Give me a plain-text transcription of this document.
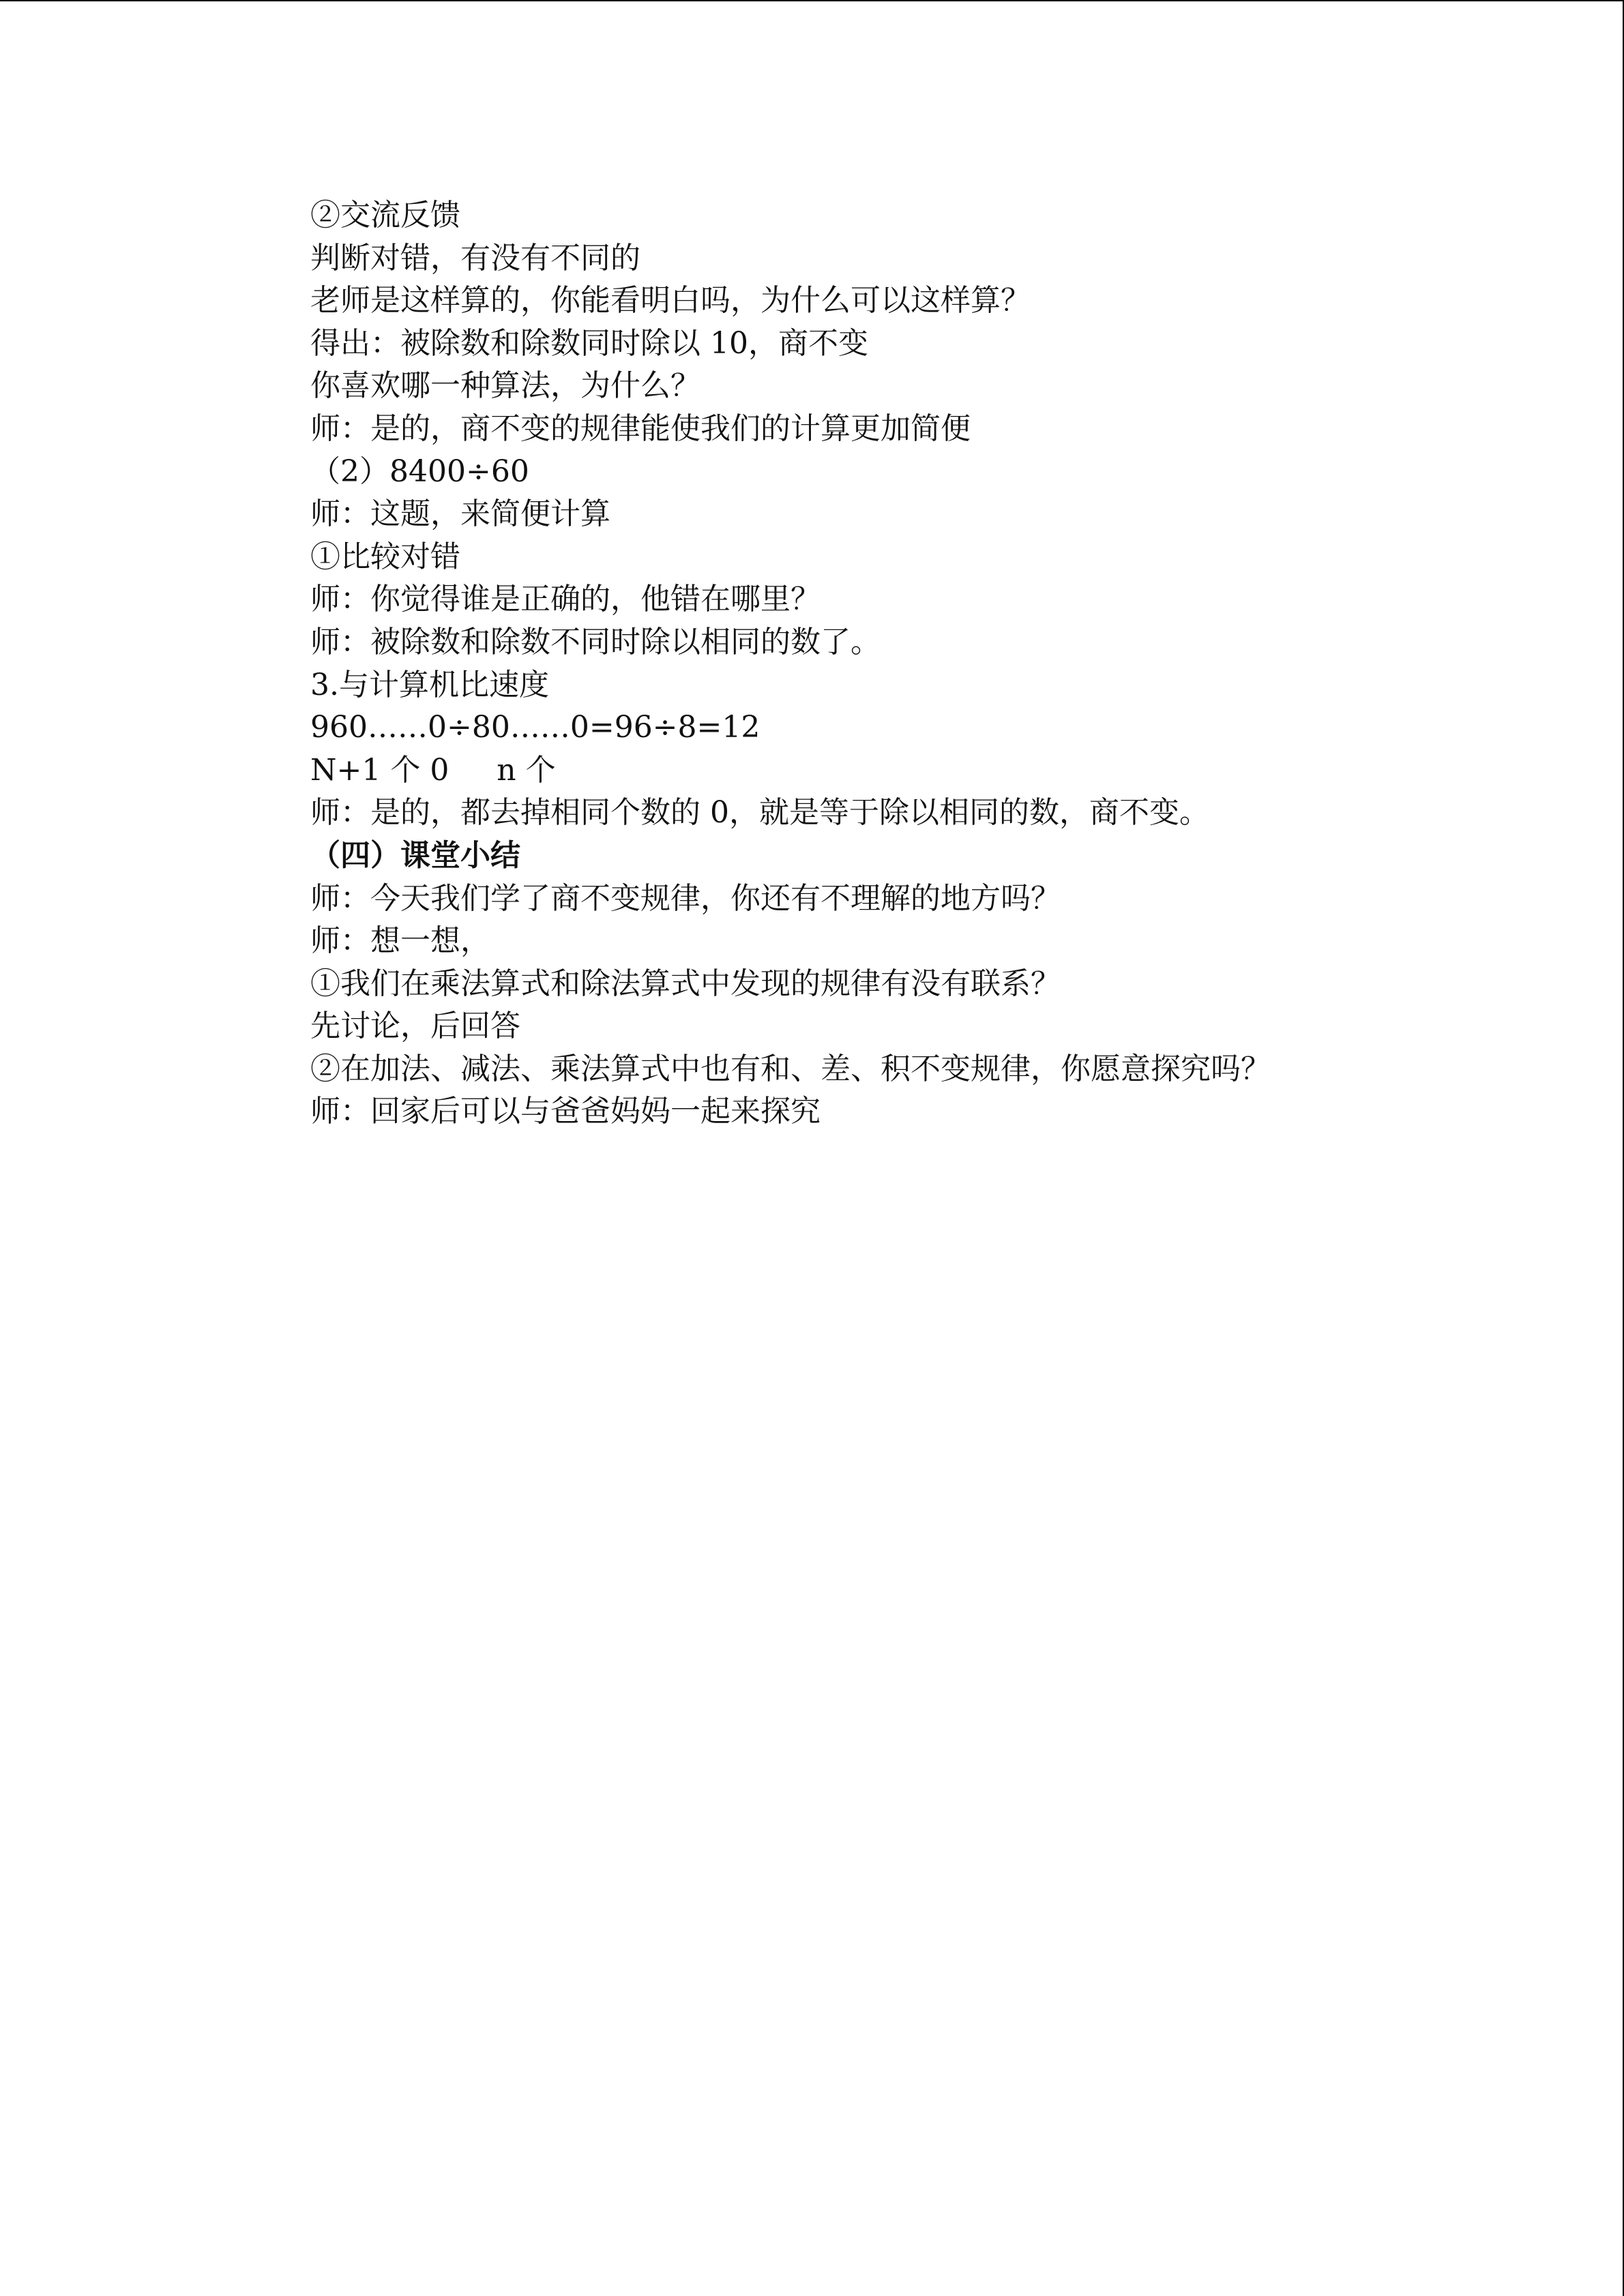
②交流反馈
判断对错，有没有不同的
老师是这样算的，你能看明白吗，为什么可以这样算？
得出：被除数和除数同时除以 10，商不变
你喜欢哪一种算法，为什么？
师：是的，商不变的规律能使我们的计算更加简便
（2）8400÷60
师：这题，来简便计算
①比较对错
师：你觉得谁是正确的，他错在哪里？
师：被除数和除数不同时除以相同的数了。
3.与计算机比速度
960……0÷80……0=96÷8=12
N+1 个 0     n 个
师：是的，都去掉相同个数的 0，就是等于除以相同的数，商不变。
（四）课堂小结
师：今天我们学了商不变规律，你还有不理解的地方吗？
师：想一想，
①我们在乘法算式和除法算式中发现的规律有没有联系？
先讨论，后回答
②在加法、减法、乘法算式中也有和、差、积不变规律，你愿意探究吗？
师：回家后可以与爸爸妈妈一起来探究
